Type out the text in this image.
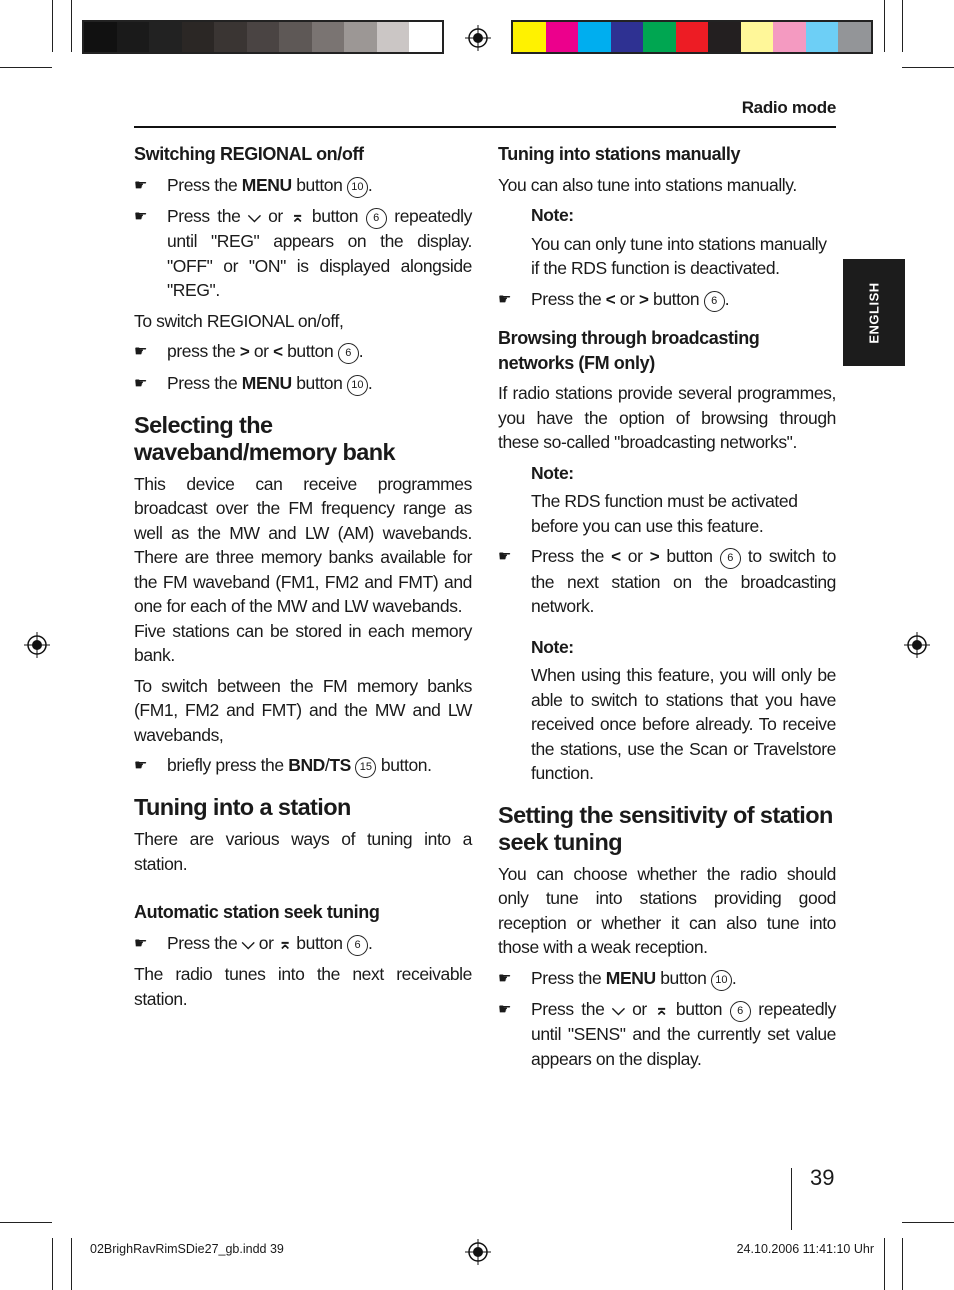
Radio mode
ENGLISH
Switching REGIONAL on/off
☛ Press the MENU button 10 .
☛ Press the ⌵ or ⌅ button 6 repeatedly until "REG" appears on the display. "OFF" or "ON" is displayed alongside "REG".

To switch REGIONAL on/off,

☛ press the > or < button 6 .
☛ Press the MENU button 10 .
Selecting the waveband/memory bank

This device can receive programmes broadcast over the FM frequency range as well as the MW and LW (AM) wavebands. There are three memory banks available for the FM waveband (FM1, FM2 and FMT) and one for each of the MW and LW wavebands.

Five stations can be stored in each memory bank.

To switch between the FM memory banks (FM1, FM2 and FMT) and the MW and LW wavebands,

☛ briefly press the BND/TS 15 button.
Tuning into a station

There are various ways of tuning into a station.

Automatic station seek tuning
☛ Press the ⌵ or ⌅ button 6 .

The radio tunes into the next receivable station.

Tuning into stations manually

You can also tune into stations manually.

Note:
You can only tune into stations manually if the RDS function is deactivated.
☛ Press the < or > button 6 .
Browsing through broadcasting networks (FM only)

If radio stations provide several programmes, you have the option of browsing through these so-called "broadcasting networks".

Note:
The RDS function must be activated before you can use this feature.
☛ Press the < or > button 6 to switch to the next station on the broadcasting network.
Note:
When using this feature, you will only be able to switch to stations that you have received once before already. To receive the stations, use the Scan or Travelstore function.
Setting the sensitivity of station seek tuning

You can choose whether the radio should only tune into stations providing good reception or whether it can also tune into those with a weak reception.

☛ Press the MENU button 10 .
☛ Press the ⌵ or ⌅ button 6 repeatedly until "SENS" and the currently set value appears on the display.
39
02BrighRavRimSDie27_gb.indd 39	24.10.2006 11:41:10 Uhr
